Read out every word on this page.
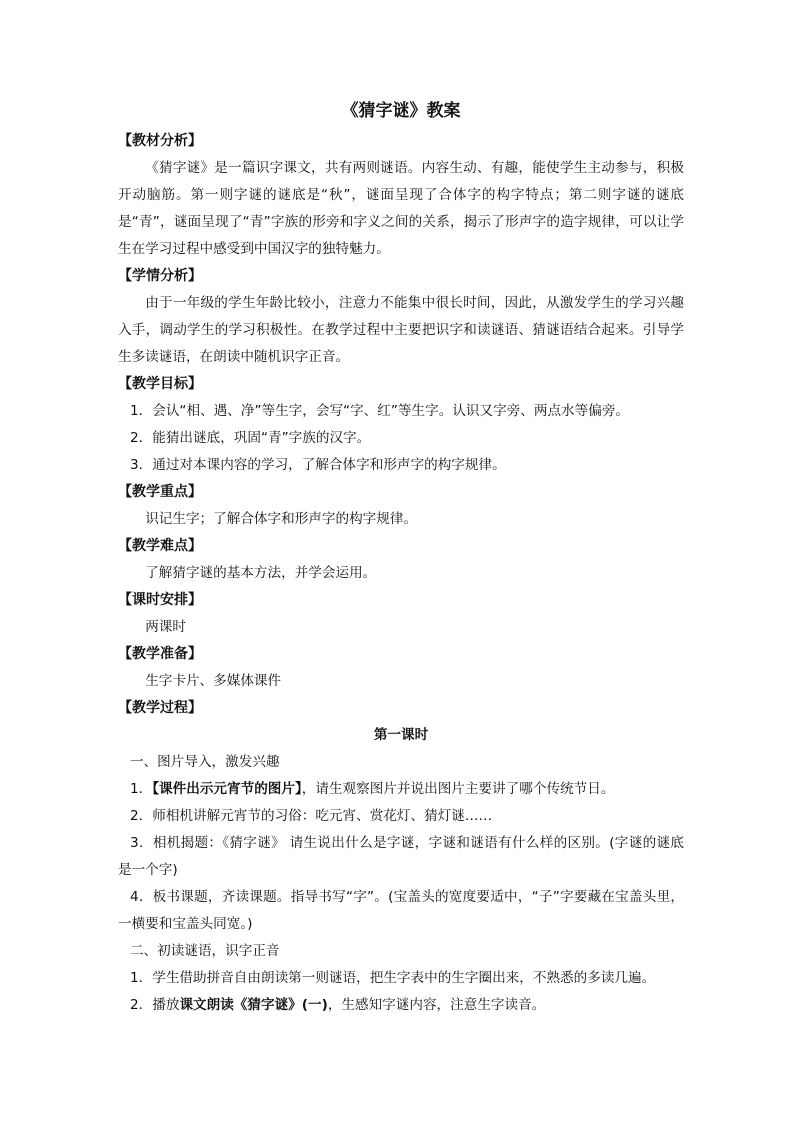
《猜字谜》教案
【教材分析】

《猜字谜》是一篇识字课文，共有两则谜语。内容生动、有趣，能使学生主动参与，积极开动脑筋。第一则字谜的谜底是“秋”，谜面呈现了合体字的构字特点；第二则字谜的谜底是“青”，谜面呈现了“青”字族的形旁和字义之间的关系，揭示了形声字的造字规律，可以让学生在学习过程中感受到中国汉字的独特魅力。

【学情分析】

由于一年级的学生年龄比较小，注意力不能集中很长时间，因此，从激发学生的学习兴趣入手，调动学生的学习积极性。在教学过程中主要把识字和读谜语、猜谜语结合起来。引导学生多读谜语，在朗读中随机识字正音。

【教学目标】

1．会认“相、遇、净”等生字，会写“字、红”等生字。认识又字旁、两点水等偏旁。

2．能猜出谜底，巩固“青”字族的汉字。

3．通过对本课内容的学习，了解合体字和形声字的构字规律。

【教学重点】

识记生字；了解合体字和形声字的构字规律。

【教学难点】

了解猜字谜的基本方法，并学会运用。

【课时安排】

两课时

【教学准备】

生字卡片、多媒体课件

【教学过程】
第一课时

一、图片导入，激发兴趣

1．【课件出示元宵节的图片】，请生观察图片并说出图片主要讲了哪个传统节日。

2．师相机讲解元宵节的习俗：吃元宵、赏花灯、猜灯谜……

3．相机揭题：《猜字谜》 请生说出什么是字谜，字谜和谜语有什么样的区别。(字谜的谜底是一个字)

4．板书课题，齐读课题。指导书写“字”。(宝盖头的宽度要适中，“子”字要藏在宝盖头里，一横要和宝盖头同宽。)

二、初读谜语，识字正音

1．学生借助拼音自由朗读第一则谜语，把生字表中的生字圈出来，不熟悉的多读几遍。

2．播放课文朗读《猜字谜》(一)，生感知字谜内容，注意生字读音。
